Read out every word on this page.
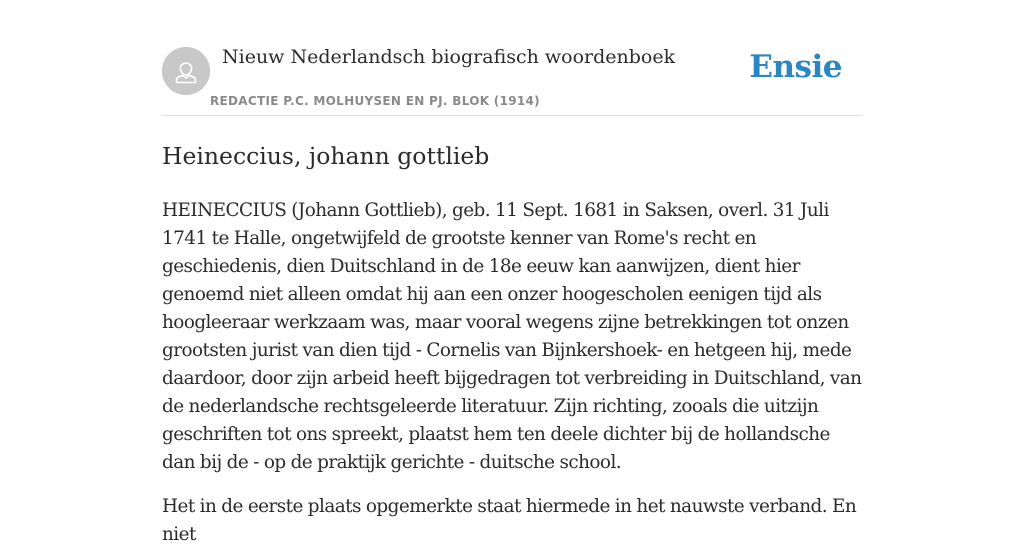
Nieuw Nederlandsch biografisch woordenboek
REDACTIE P.C. MOLHUYSEN EN PJ. BLOK (1914)
Ensie
Heineccius, johann gottlieb

HEINECCIUS (Johann Gottlieb), geb. 11 Sept. 1681 in Saksen, overl. 31 Juli 1741 te Halle, ongetwijfeld de grootste kenner van Rome's recht en geschiedenis, dien Duitschland in de 18e eeuw kan aanwijzen, dient hier genoemd niet alleen omdat hij aan een onzer hoogescholen eenigen tijd als hoogleeraar werkzaam was, maar vooral wegens zijne betrekkingen tot onzen grootsten jurist van dien tijd - Cornelis van Bijnkershoek- en hetgeen hij, mede daardoor, door zijn arbeid heeft bijgedragen tot verbreiding in Duitschland, van de nederlandsche rechtsgeleerde literatuur. Zijn richting, zooals die uitzijn geschriften tot ons spreekt, plaatst hem ten deele dichter bij de hollandsche dan bij de - op de praktijk gerichte - duitsche school.

Het in de eerste plaats opgemerkte staat hiermede in het nauwste verband. En niet
